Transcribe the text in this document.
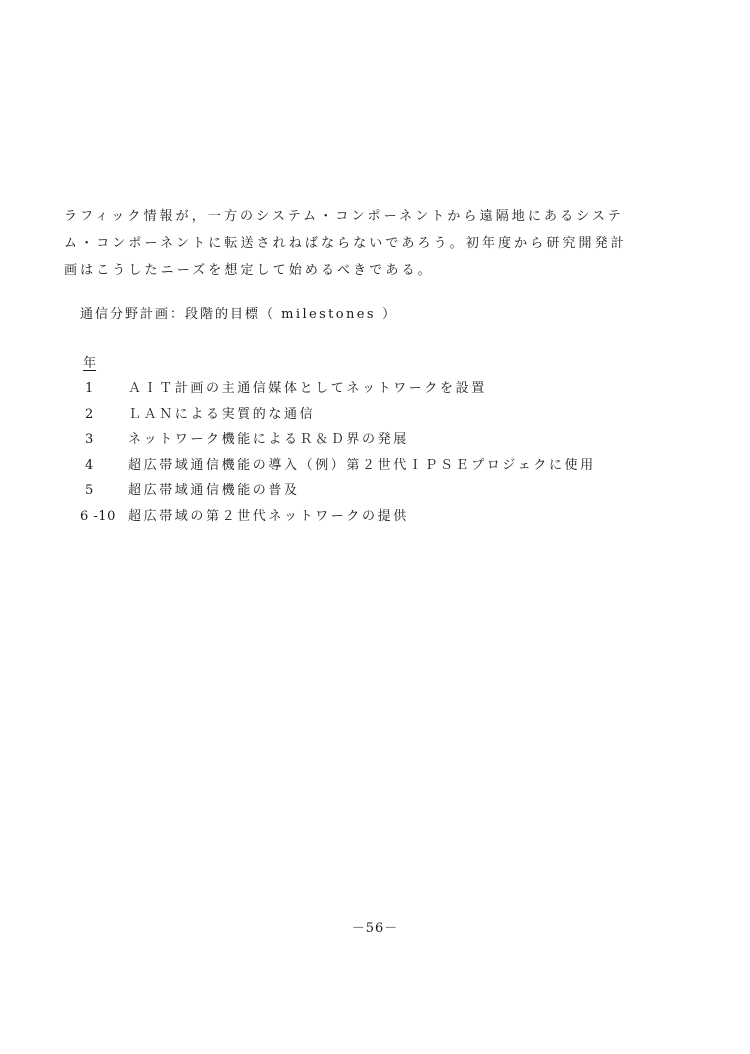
ラフィック情報が，一方のシステム・コンポーネントから遠隔地にあるシステ
ム・コンポーネントに転送されねばならないであろう。初年度から研究開発計
画はこうしたニーズを想定して始めるべきである。
通信分野計画：段階的目標（ milestones ）
年
1	ＡＩＴ計画の主通信媒体としてネットワークを設置
2	ＬＡＮによる実質的な通信
3	ネットワーク機能によるＲ＆Ｄ界の発展
4	超広帯域通信機能の導入（例）第２世代ＩＰＳＥプロジェクに使用
5	超広帯域通信機能の普及
6 -10 超広帯域の第２世代ネットワークの提供
－56－
